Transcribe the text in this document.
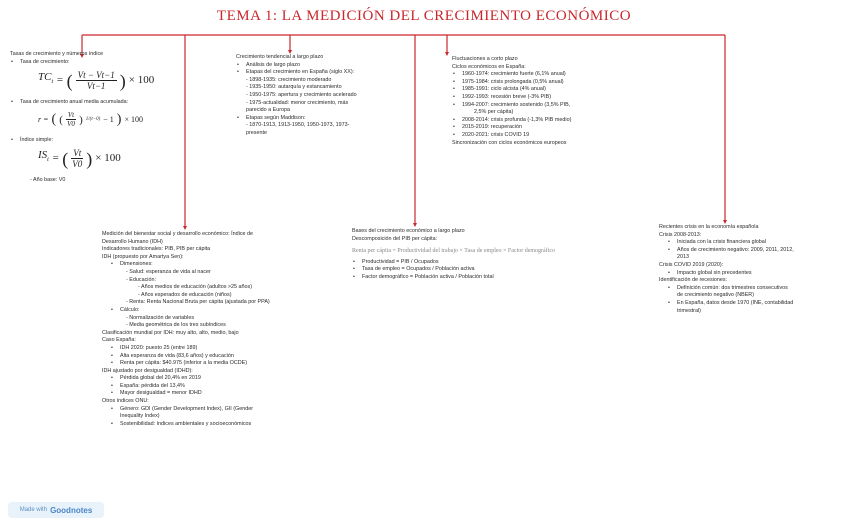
TEMA 1: LA MEDICIÓN DEL CRECIMIENTO ECONÓMICO
Tasas de crecimiento y números índice
• Tasa de crecimiento:
$TC_t$ = ( $\frac{Vt - Vt-1}{Vt-1}$ ) × 100
• Tasa de crecimiento anual media acumulada:
r = ( ( $\frac{Vt}{V0}$ ) 1/(t−0) − 1 ) × 100
• Índice simple:
$IS_t$ = ( $\frac{Vt}{V0}$ ) × 100
- Año base: V0
Crecimiento tendencial a largo plazo
• Análisis de largo plazo
• Etapas del crecimiento en España (siglo XX):
- 1898-1935: crecimiento moderado
- 1935-1950: autarquía y estancamiento
- 1950-1975: apertura y crecimiento acelerado
- 1975-actualidad: menor crecimiento, más
parecido a Europa
• Etapas según Maddison:
- 1870-1913, 1913-1950, 1950-1973, 1973-
presente
Fluctuaciones a corto plazo
Ciclos económicos en España:
• 1960-1974: crecimiento fuerte (6,1% anual)
• 1975-1984: crisis prolongada (0,5% anual)
• 1985-1991: ciclo alcista (4% anual)
• 1992-1993: recesión breve (-3% PIB)
• 1994-2007: crecimiento sostenido (3,5% PIB,
2,5% per cápita)
• 2008-2014: crisis profunda (-1,3% PIB medio)
• 2015-2019: recuperación
• 2020-2021: crisis COVID 19
Sincronización con ciclos económicos europeos
Medición del bienestar social y desarrollo económico: Índice de
Desarrollo Humano (IDH)
Indicadores tradicionales: PIB, PIB per cápita
IDH (propuesto por Amartya Sen):
• Dimensiones:
- Salud: esperanza de vida al nacer
- Educación:
- Años medios de educación (adultos >25 años)
- Años esperados de educación (niños)
- Renta: Renta Nacional Bruta per cápita (ajustada por PPA)
• Cálculo:
- Normalización de variables
- Media geométrica de los tres subíndices
Clasificación mundial por IDH: muy alto, alto, medio, bajo
Caso España:
• IDH 2020: puesto 25 (entre 189)
• Alta esperanza de vida (83,6 años) y educación
• Renta per cápita: $40.975 (inferior a la media OCDE)
IDH ajustado por desigualdad (IDHD):
• Pérdida global del 20,4% en 2019
• España: pérdida del 13,4%
• Mayor desigualdad = menor IDHD
Otros índices ONU:
• Género: GDI (Gender Development Index), GII (Gender
Inequality Index)
• Sostenibilidad: índices ambientales y socioeconómicos
Bases del crecimiento económico a largo plazo
Descomposición del PIB per cápita:
Renta per cápita = Productividad del trabajo × Tasa de empleo × Factor demográfico
• Productividad = PIB / Ocupados
• Tasa de empleo = Ocupados / Población activa
• Factor demográfico = Población activa / Población total
Recientes crisis en la economía española
Crisis 2008-2013:
• Iniciada con la crisis financiera global
• Años de crecimiento negativo: 2009, 2011, 2012,
2013
Crisis COVID 2019 (2020):
• Impacto global sin precedentes
Identificación de recesiones:
• Definición común: dos trimestres consecutivos
de crecimiento negativo (NBER)
• En España, datos desde 1970 (INE, contabilidad
trimestral)
Made with Goodnotes
